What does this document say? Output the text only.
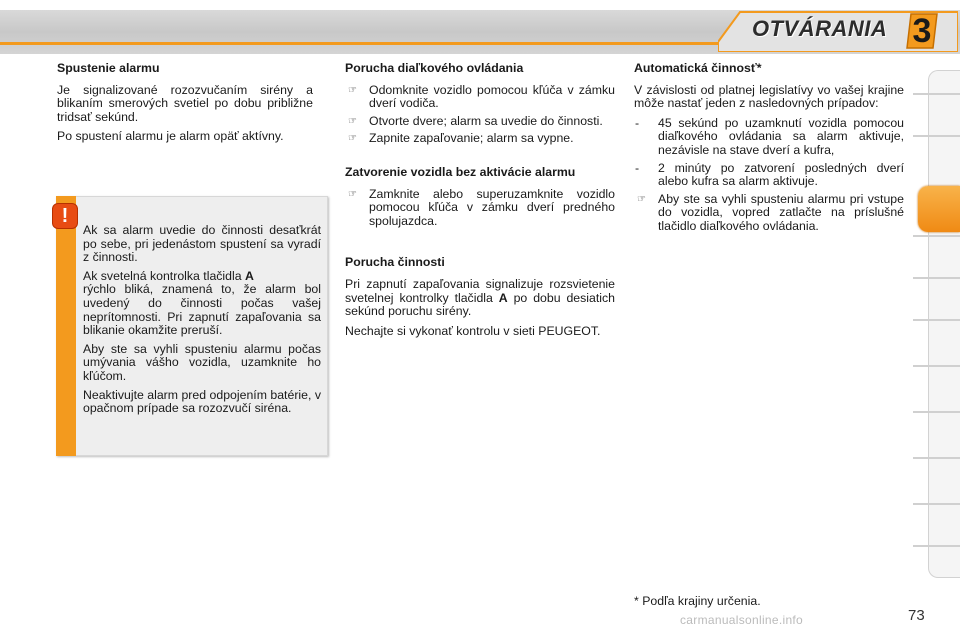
OTVÁRANIA 3
Spustenie alarmu

Je signalizované rozozvučaním sirény a blikaním smerových svetiel po dobu približne tridsať sekúnd.

Po spustení alarmu je alarm opäť aktívny.

!

Ak sa alarm uvedie do činnosti desaťkrát po sebe, pri jedenástom spustení sa vyradí z činnosti.

Ak svetelná kontrolka tlačidla A

rýchlo bliká, znamená to, že alarm bol uvedený do činnosti počas vašej neprítomnosti. Pri zapnutí zapaľovania sa blikanie okamžite preruší.

Aby ste sa vyhli spusteniu alarmu počas umývania vášho vozidla, uzamknite ho kľúčom.

Neaktivujte alarm pred odpojením batérie, v opačnom prípade sa rozozvučí siréna.

Porucha diaľkového ovládania
☞ Odomknite vozidlo pomocou kľúča v zámku dverí vodiča.
☞ Otvorte dvere; alarm sa uvedie do činnosti.
☞ Zapnite zapaľovanie; alarm sa vypne.
Zatvorenie vozidla bez aktivácie alarmu
☞ Zamknite alebo superuzamknite vozidlo pomocou kľúča v zámku dverí predného spolujazdca.
Porucha činnosti

Pri zapnutí zapaľovania signalizuje rozsvietenie svetelnej kontrolky tlačidla A po dobu desiatich sekúnd poruchu sirény.

Nechajte si vykonať kontrolu v sieti PEUGEOT.

Automatická činnosť*

V závislosti od platnej legislatívy vo vašej krajine môže nastať jeden z nasledovných prípadov:

- 45 sekúnd po uzamknutí vozidla pomocou diaľkového ovládania sa alarm aktivuje, nezávisle na stave dverí a kufra,
- 2 minúty po zatvorení posledných dverí alebo kufra sa alarm aktivuje.
☞ Aby ste sa vyhli spusteniu alarmu pri vstupe do vozidla, vopred zatlačte na príslušné tlačidlo diaľkového ovládania.
* Podľa krajiny určenia.
carmanualsonline.info	73
